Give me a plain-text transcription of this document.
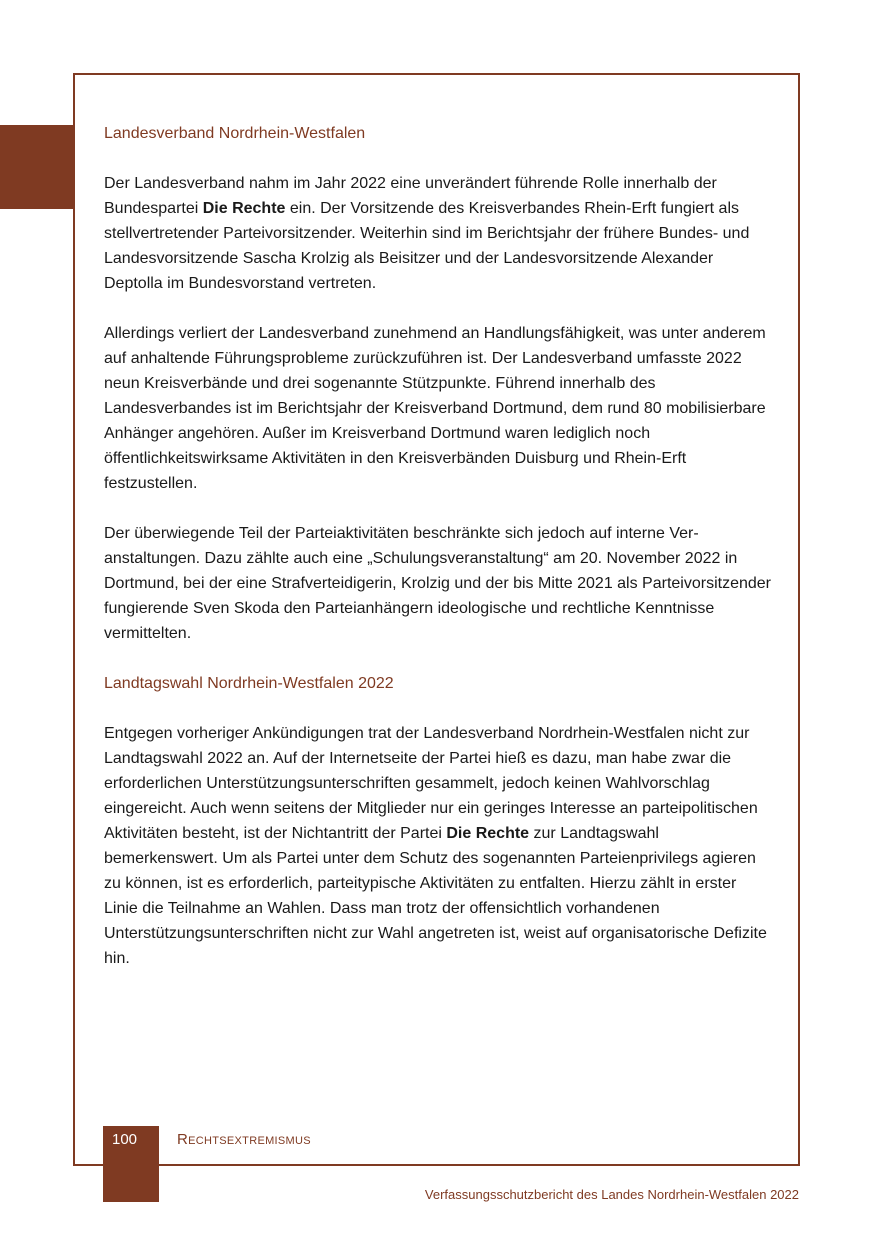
Landesverband Nordrhein-Westfalen

Der Landesverband nahm im Jahr 2022 eine unverändert führende Rolle innerhalb der Bundespartei Die Rechte ein. Der Vorsitzende des Kreisverbandes Rhein-Erft fungiert als stellvertretender Parteivorsitzender. Weiterhin sind im Berichtsjahr der frühere Bundes- und Landesvorsitzende Sascha Krolzig als Beisitzer und der Landesvorsitzende Alexander Deptolla im Bundesvorstand vertreten.

Allerdings verliert der Landesverband zunehmend an Handlungsfähigkeit, was unter anderem auf anhaltende Führungsprobleme zurückzuführen ist. Der Landesverband umfasste 2022 neun Kreisverbände und drei sogenannte Stützpunkte. Führend innerhalb des Landesverbandes ist im Berichtsjahr der Kreisverband Dortmund, dem rund 80 mobilisierbare Anhänger angehören. Außer im Kreisverband Dortmund waren lediglich noch öffentlichkeitswirksame Aktivitäten in den Kreisverbänden Duisburg und Rhein-Erft festzustellen.

Der überwiegende Teil der Parteiaktivitäten beschränkte sich jedoch auf interne Veranstaltungen. Dazu zählte auch eine „Schulungsveranstaltung“ am 20. November 2022 in Dortmund, bei der eine Strafverteidigerin, Krolzig und der bis Mitte 2021 als Parteivorsitzender fungierende Sven Skoda den Parteianhängern ideologische und rechtliche Kenntnisse vermittelten.

Landtagswahl Nordrhein-Westfalen 2022

Entgegen vorheriger Ankündigungen trat der Landesverband Nordrhein-Westfalen nicht zur Landtagswahl 2022 an. Auf der Internetseite der Partei hieß es dazu, man habe zwar die erforderlichen Unterstützungsunterschriften gesammelt, jedoch keinen Wahlvorschlag eingereicht. Auch wenn seitens der Mitglieder nur ein geringes Interesse an parteipolitischen Aktivitäten besteht, ist der Nichtantritt der Partei Die Rechte zur Landtagswahl bemerkenswert. Um als Partei unter dem Schutz des sogenannten Parteienprivilegs agieren zu können, ist es erforderlich, parteitypische Aktivitäten zu entfalten. Hierzu zählt in erster Linie die Teilnahme an Wahlen. Dass man trotz der offensichtlich vorhandenen Unterstützungsunterschriften nicht zur Wahl angetreten ist, weist auf organisatorische Defizite hin.

100	Rechtsextremismus
Verfassungsschutzbericht des Landes Nordrhein-Westfalen 2022
